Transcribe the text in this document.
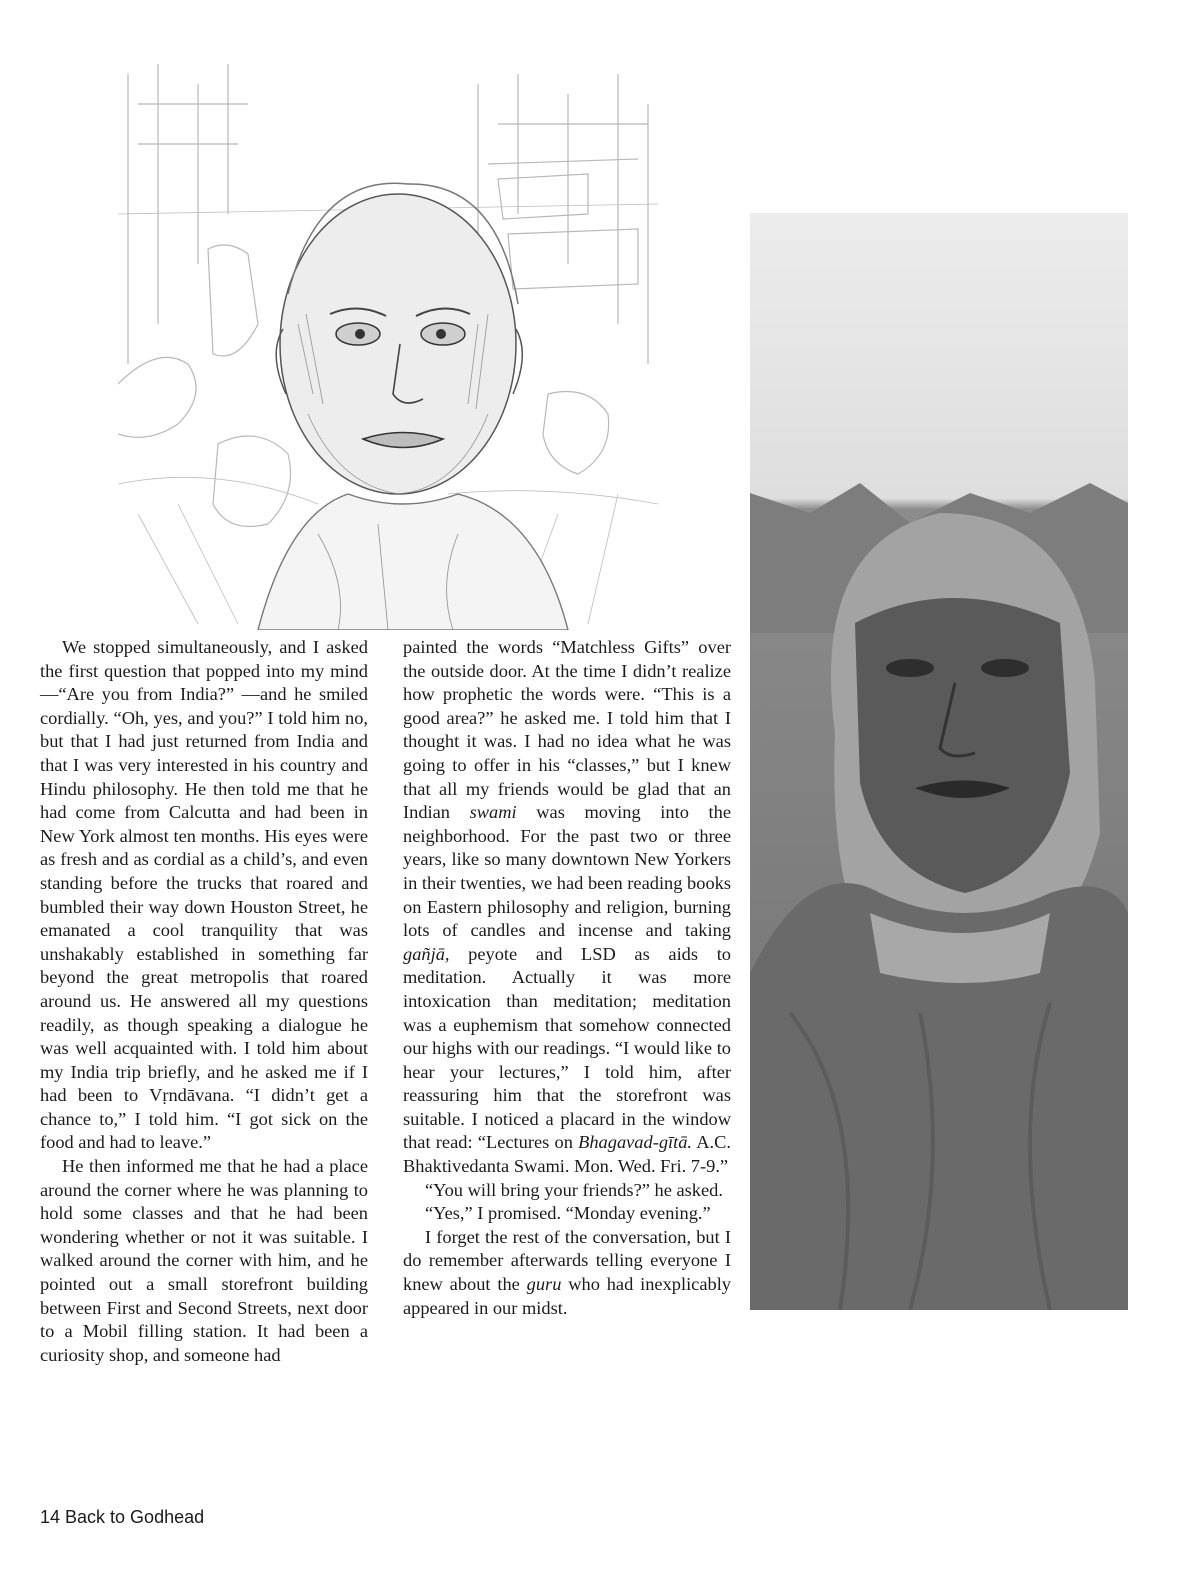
We stopped simultaneously, and I asked the first question that popped into my mind—“Are you from India?” —and he smiled cordially. “Oh, yes, and you?” I told him no, but that I had just returned from India and that I was very interested in his country and Hindu philosophy. He then told me that he had come from Calcutta and had been in New York almost ten months. His eyes were as fresh and as cordial as a child’s, and even standing before the trucks that roared and bumbled their way down Houston Street, he emanated a cool tranquility that was unshakably established in something far beyond the great metropolis that roared around us. He answered all my questions readily, as though speaking a dialogue he was well acquainted with. I told him about my India trip briefly, and he asked me if I had been to Vṛndāvana. “I didn’t get a chance to,” I told him. “I got sick on the food and had to leave.”

He then informed me that he had a place around the corner where he was planning to hold some classes and that he had been wondering whether or not it was suitable. I walked around the corner with him, and he pointed out a small storefront building between First and Second Streets, next door to a Mobil filling station. It had been a curiosity shop, and someone had

painted the words “Matchless Gifts” over the outside door. At the time I didn’t realize how prophetic the words were. “This is a good area?” he asked me. I told him that I thought it was. I had no idea what he was going to offer in his “classes,” but I knew that all my friends would be glad that an Indian swami was moving into the neighborhood. For the past two or three years, like so many downtown New Yorkers in their twenties, we had been reading books on Eastern philosophy and religion, burning lots of candles and incense and taking gañjā, peyote and LSD as aids to meditation. Actually it was more intoxication than meditation; meditation was a euphemism that somehow connected our highs with our readings. “I would like to hear your lectures,” I told him, after reassuring him that the storefront was suitable. I noticed a placard in the window that read: “Lectures on Bhagavad-gītā. A.C. Bhaktivedanta Swami. Mon. Wed. Fri. 7-9.”

“You will bring your friends?” he asked.

“Yes,” I promised. “Monday evening.”

I forget the rest of the conversation, but I do remember afterwards telling everyone I knew about the guru who had inexplicably appeared in our midst.

14 Back to Godhead
